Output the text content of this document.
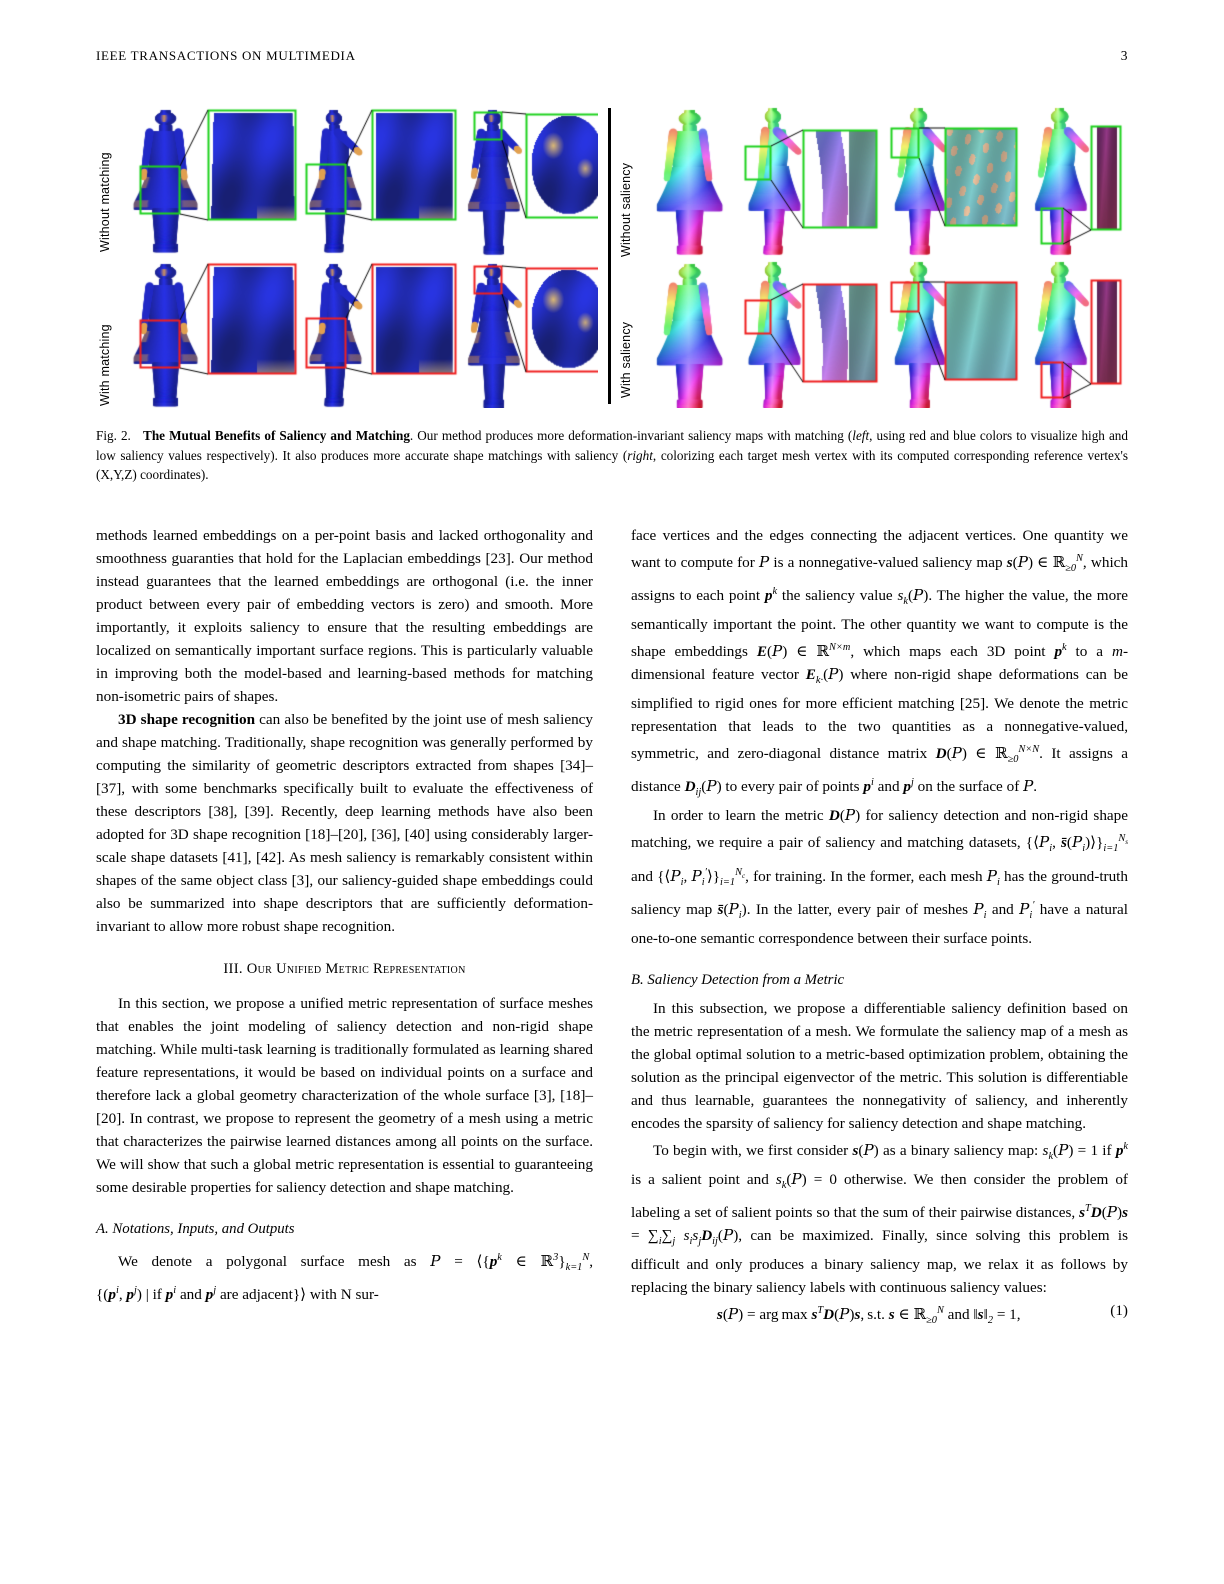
IEEE TRANSACTIONS ON MULTIMEDIA	3
Without matching
With matching
Without saliency
With saliency
Fig. 2. The Mutual Benefits of Saliency and Matching. Our method produces more deformation-invariant saliency maps with matching (left, using red and blue colors to visualize high and low saliency values respectively). It also produces more accurate shape matchings with saliency (right, colorizing each target mesh vertex with its computed corresponding reference vertex's (X,Y,Z) coordinates).

methods learned embeddings on a per-point basis and lacked orthogonality and smoothness guaranties that hold for the Laplacian embeddings [23]. Our method instead guarantees that the learned embeddings are orthogonal (i.e. the inner product between every pair of embedding vectors is zero) and smooth. More importantly, it exploits saliency to ensure that the resulting embeddings are localized on semantically important surface regions. This is particularly valuable in improving both the model-based and learning-based methods for matching non-isometric pairs of shapes.

3D shape recognition can also be benefited by the joint use of mesh saliency and shape matching. Traditionally, shape recognition was generally performed by computing the similarity of geometric descriptors extracted from shapes [34]–[37], with some benchmarks specifically built to evaluate the effectiveness of these descriptors [38], [39]. Recently, deep learning methods have also been adopted for 3D shape recognition [18]–[20], [36], [40] using considerably larger-scale shape datasets [41], [42]. As mesh saliency is remarkably consistent within shapes of the same object class [3], our saliency-guided shape embeddings could also be summarized into shape descriptors that are sufficiently deformation-invariant to allow more robust shape recognition.

III. Our Unified Metric Representation

In this section, we propose a unified metric representation of surface meshes that enables the joint modeling of saliency detection and non-rigid shape matching. While multi-task learning is traditionally formulated as learning shared feature representations, it would be based on individual points on a surface and therefore lack a global geometry characterization of the whole surface [3], [18]–[20]. In contrast, we propose to represent the geometry of a mesh using a metric that characterizes the pairwise learned distances among all points on the surface. We will show that such a global metric representation is essential to guaranteeing some desirable properties for saliency detection and shape matching.

A. Notations, Inputs, and Outputs

We denote a polygonal surface mesh as $P = ⟨\{p^k$ ∈ $ℝ^3\}_{k=1}^N$, {($p^i$, $p^j$) | if $p^i$ and $p^j$ are adjacent}⟩ with N sur-

face vertices and the edges connecting the adjacent vertices. One quantity we want to compute for P is a nonnegative-valued saliency map s(P) ∈ ℝ$_{\ge 0}^N$, which assigns to each point $p^k$ the saliency value $s_k(P)$. The higher the value, the more semantically important the point. The other quantity we want to compute is the shape embeddings E(P) ∈ ℝ$^{N\times m}$, which maps each 3D point $p^k$ to a m-dimensional feature vector $E_{k\cdot}(P)$ where non-rigid shape deformations can be simplified to rigid ones for more efficient matching [25]. We denote the metric representation that leads to the two quantities as a nonnegative-valued, symmetric, and zero-diagonal distance matrix D(P) ∈ ℝ$_{\ge 0}^{N\times N}$. It assigns a distance $D_{ij}(P)$ to every pair of points $p^i$ and $p^j$ on the surface of P.

In order to learn the metric D(P) for saliency detection and non-rigid shape matching, we require a pair of saliency and matching datasets, {$⟨P_i$, $s̄(P_i)⟩\}_{i=1}^{N_s}$ and {$⟨P_i$, $P_i'⟩\}_{i=1}^{N_c}$, for training. In the former, each mesh $P_i$ has the ground-truth saliency map $s̄(P_i)$. In the latter, every pair of meshes $P_i$ and $P_i'$ have a natural one-to-one semantic correspondence between their surface points.

B. Saliency Detection from a Metric

In this subsection, we propose a differentiable saliency definition based on the metric representation of a mesh. We formulate the saliency map of a mesh as the global optimal solution to a metric-based optimization problem, obtaining the solution as the principal eigenvector of the metric. This solution is differentiable and thus learnable, guarantees the nonnegativity of saliency, and inherently encodes the sparsity of saliency for saliency detection and shape matching.

To begin with, we first consider s(P) as a binary saliency map: $s_k(P) = 1$ if $p^k$ is a salient point and $s_k(P) = 0$ otherwise. We then consider the problem of labeling a set of salient points so that the sum of their pairwise distances, $s^TD(P)s = \sum_i\sum_j$ $s_is_jD_{ij}(P)$, can be maximized. Finally, since solving this problem is difficult and only produces a binary saliency map, we relax it as follows by replacing the binary saliency labels with continuous saliency values:

s(P) = arg $\max s^TD(P)s$, s.t. s ∈ ℝ$_{\ge 0}^N$ and $‖s‖_2 = 1$,	(1)
